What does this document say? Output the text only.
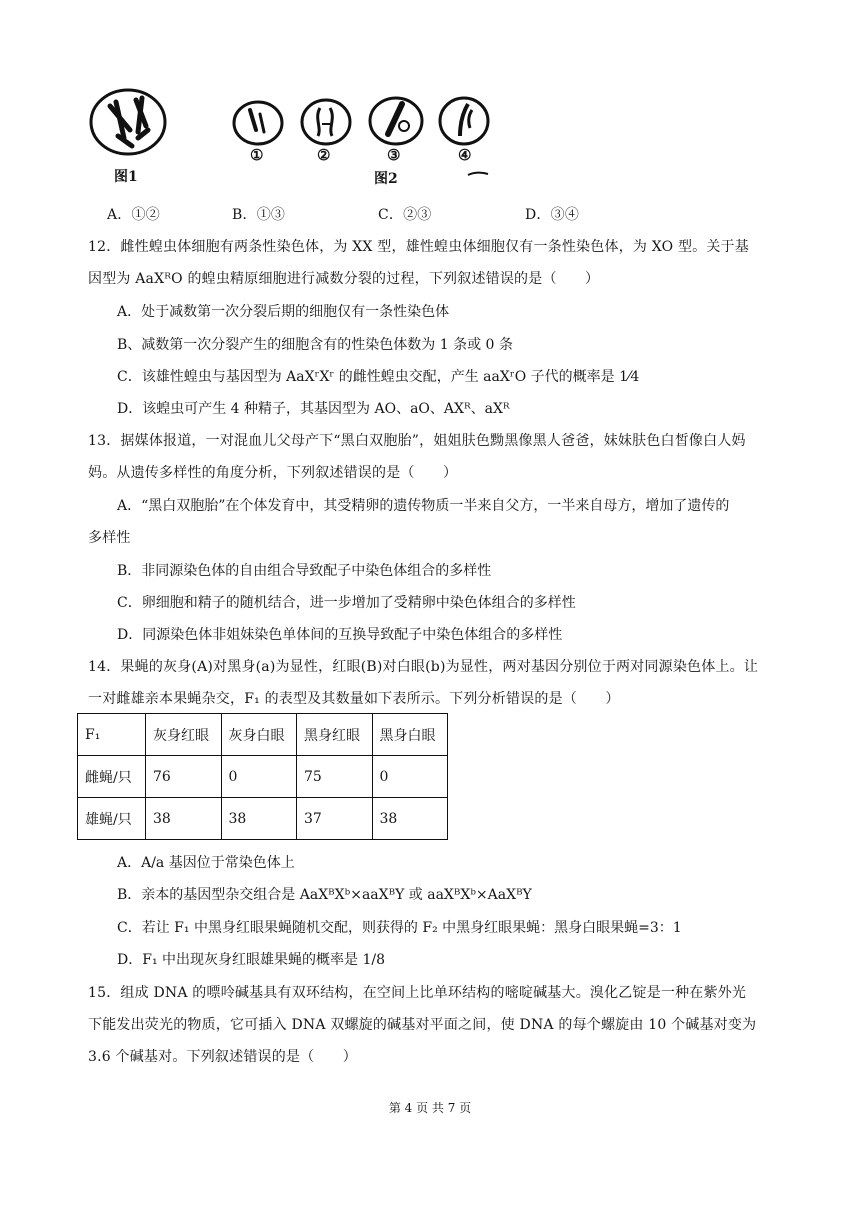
图1
①	②	③	④
图2
A．①②	B．①③	C．②③	D．③④
12．雌性蝗虫体细胞有两条性染色体，为 XX 型，雄性蝗虫体细胞仅有一条性染色体，为 XO 型。关于基
因型为 AaXᴿO 的蝗虫精原细胞进行减数分裂的过程，下列叙述错误的是（　　）
A．处于减数第一次分裂后期的细胞仅有一条性染色体
B、减数第一次分裂产生的细胞含有的性染色体数为 1 条或 0 条
C．该雄性蝗虫与基因型为 AaXʳXʳ 的雌性蝗虫交配，产生 aaXʳO 子代的概率是 1⁄4
D．该蝗虫可产生 4 种精子，其基因型为 AO、aO、AXᴿ、aXᴿ
13．据媒体报道，一对混血儿父母产下“黑白双胞胎”，姐姐肤色黝黑像黑人爸爸，妹妹肤色白皙像白人妈
妈。从遗传多样性的角度分析，下列叙述错误的是（　　）
A．“黑白双胞胎”在个体发育中，其受精卵的遗传物质一半来自父方，一半来自母方，增加了遗传的
多样性
B．非同源染色体的自由组合导致配子中染色体组合的多样性
C．卵细胞和精子的随机结合，进一步增加了受精卵中染色体组合的多样性
D．同源染色体非姐妹染色单体间的互换导致配子中染色体组合的多样性
14．果蝇的灰身(A)对黑身(a)为显性，红眼(B)对白眼(b)为显性，两对基因分别位于两对同源染色体上。让
一对雌雄亲本果蝇杂交，F₁ 的表型及其数量如下表所示。下列分析错误的是（　　）
F₁	灰身红眼	灰身白眼	黑身红眼	黑身白眼
雌蝇/只	76	0	75	0
雄蝇/只	38	38	37	38
A．A/a 基因位于常染色体上
B．亲本的基因型杂交组合是 AaXᴮXᵇ×aaXᴮY 或 aaXᴮXᵇ×AaXᴮY
C．若让 F₁ 中黑身红眼果蝇随机交配，则获得的 F₂ 中黑身红眼果蝇：黑身白眼果蝇=3：1
D．F₁ 中出现灰身红眼雄果蝇的概率是 1/8
15．组成 DNA 的嘌呤碱基具有双环结构，在空间上比单环结构的嘧啶碱基大。溴化乙锭是一种在紫外光
下能发出荧光的物质，它可插入 DNA 双螺旋的碱基对平面之间，使 DNA 的每个螺旋由 10 个碱基对变为
3.6 个碱基对。下列叙述错误的是（　　）
第 4 页 共 7 页
